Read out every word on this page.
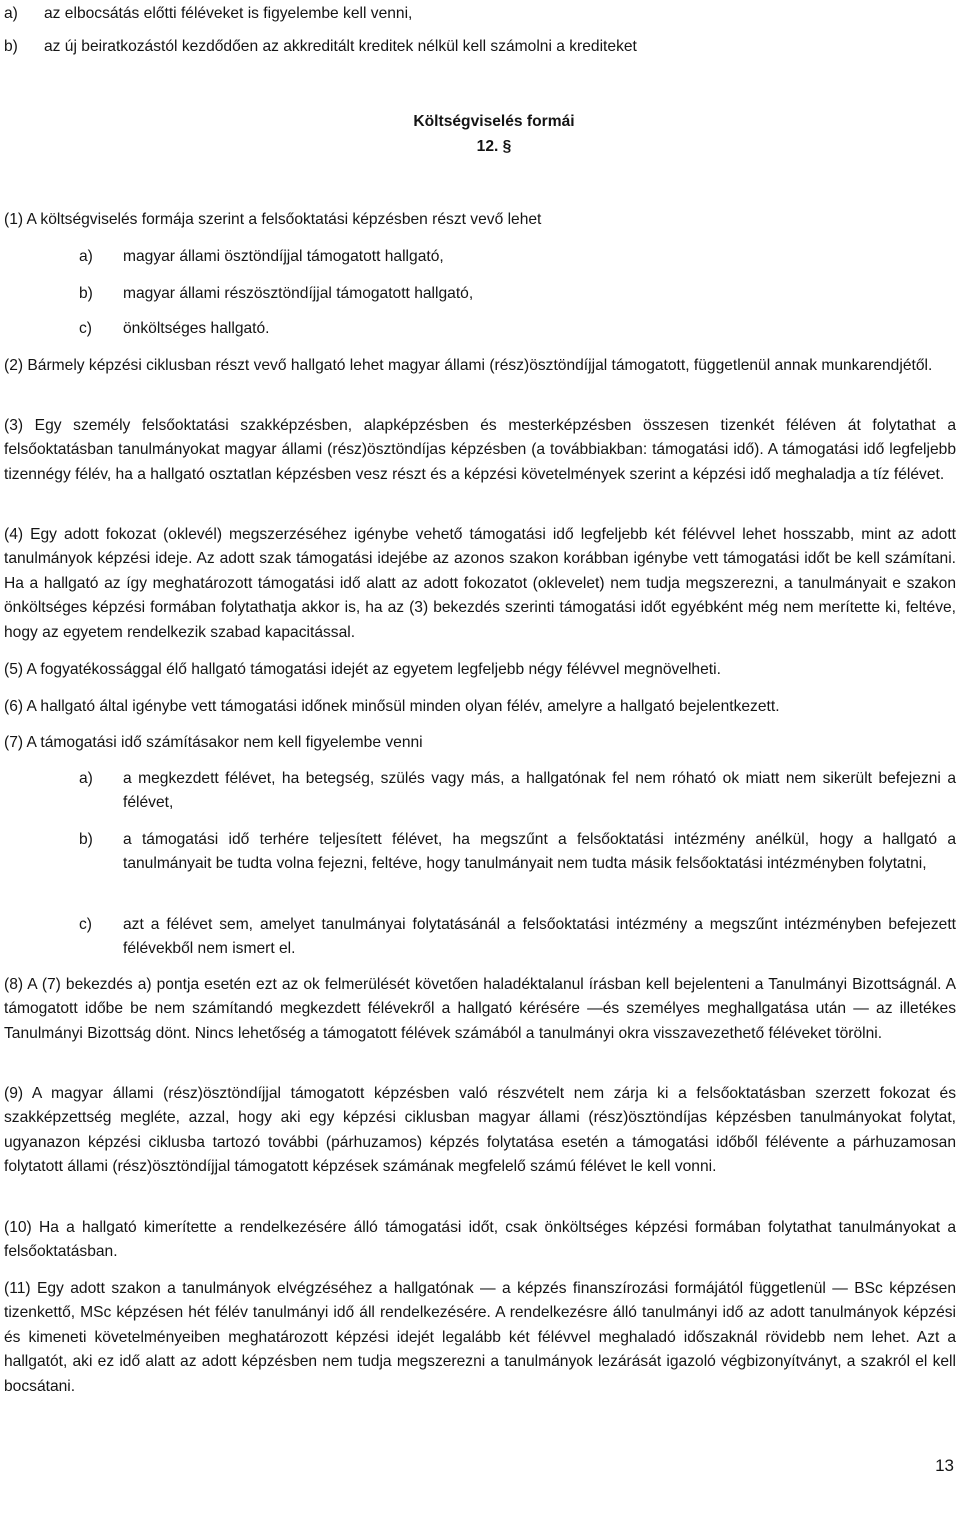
a) az elbocsátás előtti féléveket is figyelembe kell venni,
b) az új beiratkozástól kezdődően az akkreditált kreditek nélkül kell számolni a krediteket
Költségviselés formái
12. §
(1) A költségviselés formája szerint a felsőoktatási képzésben részt vevő lehet
a)	magyar állami ösztöndíjjal támogatott hallgató,
b)	magyar állami részösztöndíjjal támogatott hallgató,
c)	önköltséges hallgató.
(2) Bármely képzési ciklusban részt vevő hallgató lehet magyar állami (rész)ösztöndíjjal támogatott, függetlenül annak munkarendjétől.
(3) Egy személy felsőoktatási szakképzésben, alapképzésben és mesterképzésben összesen tizenkét féléven át folytathat a felsőoktatásban tanulmányokat magyar állami (rész)ösztöndíjas képzésben (a továbbiakban: támogatási idő). A támogatási idő legfeljebb tizennégy félév, ha a hallgató osztatlan képzésben vesz részt és a képzési követelmények szerint a képzési idő meghaladja a tíz félévet.
(4) Egy adott fokozat (oklevél) megszerzéséhez igénybe vehető támogatási idő legfeljebb két félévvel lehet hosszabb, mint az adott tanulmányok képzési ideje. Az adott szak támogatási idejébe az azonos szakon korábban igénybe vett támogatási időt be kell számítani. Ha a hallgató az így meghatározott támogatási idő alatt az adott fokozatot (oklevelet) nem tudja megszerezni, a tanulmányait e szakon önköltséges képzési formában folytathatja akkor is, ha az (3) bekezdés szerinti támogatási időt egyébként még nem merítette ki, feltéve, hogy az egyetem rendelkezik szabad kapacitással.
(5) A fogyatékossággal élő hallgató támogatási idejét az egyetem legfeljebb négy félévvel megnövelheti.
(6) A hallgató által igénybe vett támogatási időnek minősül minden olyan félév, amelyre a hallgató bejelentkezett.
(7) A támogatási idő számításakor nem kell figyelembe venni
a)	a megkezdett félévet, ha betegség, szülés vagy más, a hallgatónak fel nem róható ok miatt nem sikerült befejezni a félévet,
b)	a támogatási idő terhére teljesített félévet, ha megszűnt a felsőoktatási intézmény anélkül, hogy a hallgató a tanulmányait be tudta volna fejezni, feltéve, hogy tanulmányait nem tudta másik felsőoktatási intézményben folytatni,
c)	azt a félévet sem, amelyet tanulmányai folytatásánál a felsőoktatási intézmény a megszűnt intézményben befejezett félévekből nem ismert el.
(8) A (7) bekezdés a) pontja esetén ezt az ok felmerülését követően haladéktalanul írásban kell bejelenteni a Tanulmányi Bizottságnál. A támogatott időbe be nem számítandó megkezdett félévekről a hallgató kérésére —és személyes meghallgatása után — az illetékes Tanulmányi Bizottság dönt. Nincs lehetőség a támogatott félévek számából a tanulmányi okra visszavezethető féléveket törölni.
(9) A magyar állami (rész)ösztöndíjjal támogatott képzésben való részvételt nem zárja ki a felsőoktatásban szerzett fokozat és szakképzettség megléte, azzal, hogy aki egy képzési ciklusban magyar állami (rész)ösztöndíjas képzésben tanulmányokat folytat, ugyanazon képzési ciklusba tartozó további (párhuzamos) képzés folytatása esetén a támogatási időből félévente a párhuzamosan folytatott állami (rész)ösztöndíjjal támogatott képzések számának megfelelő számú félévet le kell vonni.
(10) Ha a hallgató kimerítette a rendelkezésére álló támogatási időt, csak önköltséges képzési formában folytathat tanulmányokat a felsőoktatásban.
(11) Egy adott szakon a tanulmányok elvégzéséhez a hallgatónak — a képzés finanszírozási formájától függetlenül — BSc képzésen tizenkettő, MSc képzésen hét félév tanulmányi idő áll rendelkezésére. A rendelkezésre álló tanulmányi idő az adott tanulmányok képzési és kimeneti követelményeiben meghatározott képzési idejét legalább két félévvel meghaladó időszaknál rövidebb nem lehet. Azt a hallgatót, aki ez idő alatt az adott képzésben nem tudja megszerezni a tanulmányok lezárását igazoló végbizonyítványt, a szakról el kell bocsátani.
13
